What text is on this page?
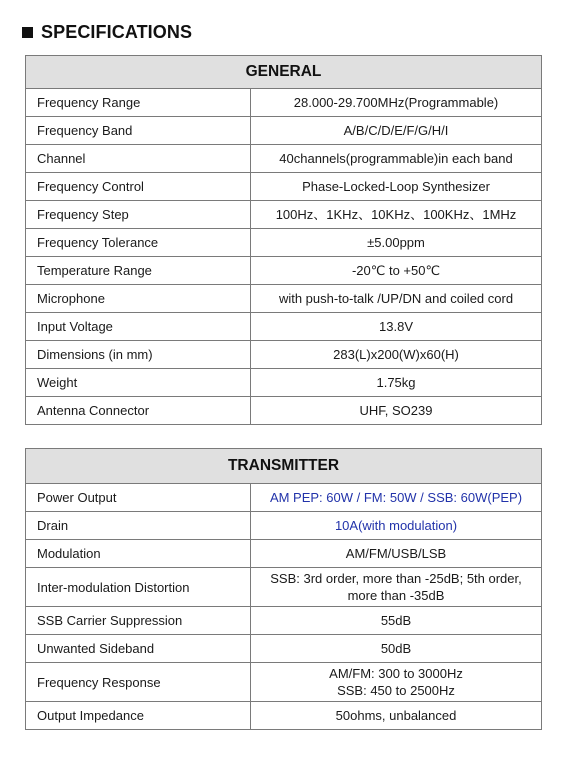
SPECIFICATIONS
GENERAL	
Frequency Range	28.000-29.700MHz(Programmable)
Frequency Band	A/B/C/D/E/F/G/H/I
Channel	40channels(programmable)in each band
Frequency Control	Phase-Locked-Loop Synthesizer
Frequency Step	100Hz、1KHz、10KHz、100KHz、1MHz
Frequency Tolerance	±5.00ppm
Temperature Range	-20℃ to +50℃
Microphone	with push-to-talk /UP/DN and coiled cord
Input Voltage	13.8V
Dimensions (in mm)	283(L)x200(W)x60(H)
Weight	1.75kg
Antenna Connector	UHF, SO239
TRANSMITTER	
Power Output	AM PEP: 60W / FM: 50W / SSB: 60W(PEP)
Drain	10A(with modulation)
Modulation	AM/FM/USB/LSB
Inter-modulation Distortion	SSB: 3rd order, more than -25dB; 5th order,
more than -35dB

SSB Carrier Suppression	55dB
Unwanted Sideband	50dB
Frequency Response	AM/FM: 300 to 3000Hz
SSB: 450 to 2500Hz

Output Impedance	50ohms, unbalanced
